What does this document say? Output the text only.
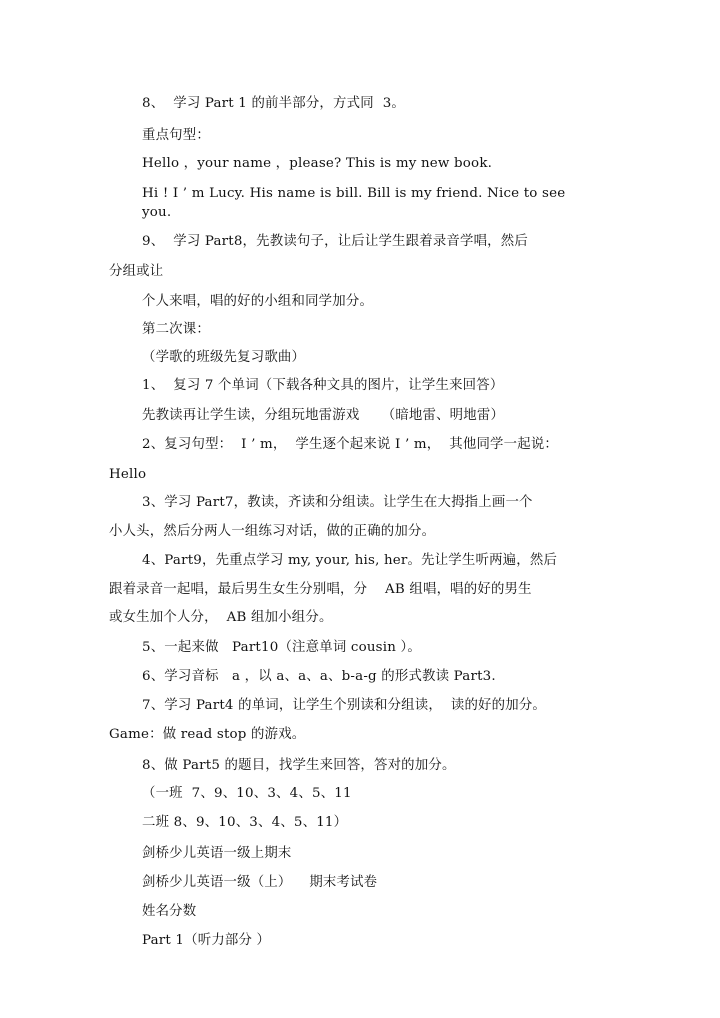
8、  学习 Part 1 的前半部分，方式同  3。

重点句型：

Hello ，your name ，please? This is my new book.

Hi ! I ’ m Lucy. His name is bill. Bill is my friend. Nice to see

you.

9、  学习 Part8，先教读句子，让后让学生跟着录音学唱，然后

分组或让

个人来唱，唱的好的小组和同学加分。

第二次课：

（学歌的班级先复习歌曲）

1、  复习 7 个单词（下载各种文具的图片，让学生来回答）

先教读再让学生读，分组玩地雷游戏     （暗地雷、明地雷）

2、复习句型：  I ’ m，  学生逐个起来说 I ’ m，  其他同学一起说：

Hello

3、学习 Part7，教读，齐读和分组读。让学生在大拇指上画一个

小人头，然后分两人一组练习对话，做的正确的加分。

4、Part9，先重点学习 my, your, his, her。先让学生听两遍，然后

跟着录音一起唱，最后男生女生分别唱，分    AB 组唱，唱的好的男生

或女生加个人分，  AB 组加小组分。

5、一起来做   Part10（注意单词 cousin ）。

6、学习音标   a ，以 a、a、a、b-a-g 的形式教读 Part3.

7、学习 Part4 的单词，让学生个别读和分组读，  读的好的加分。

Game：做 read stop 的游戏。

8、做 Part5 的题目，找学生来回答，答对的加分。

（一班  7、9、10、3、4、5、11

二班 8、9、10、3、4、5、11）

剑桥少儿英语一级上期末

剑桥少儿英语一级（上）    期末考试卷

姓名分数

Part 1（听力部分 ）
